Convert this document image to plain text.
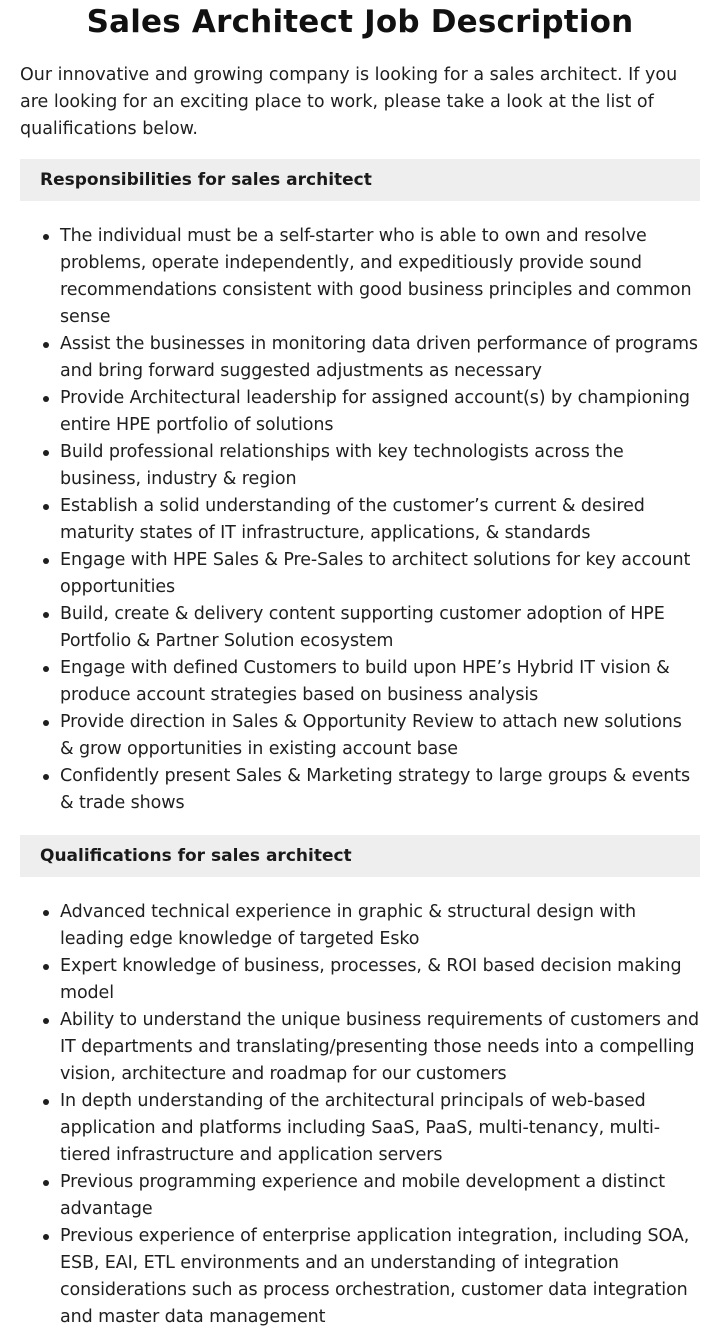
Sales Architect Job Description

Our innovative and growing company is looking for a sales architect. If you are looking for an exciting place to work, please take a look at the list of qualifications below.

Responsibilities for sales architect
The individual must be a self-starter who is able to own and resolve problems, operate independently, and expeditiously provide sound recommendations consistent with good business principles and common sense
Assist the businesses in monitoring data driven performance of programs and bring forward suggested adjustments as necessary
Provide Architectural leadership for assigned account(s) by championing entire HPE portfolio of solutions
Build professional relationships with key technologists across the business, industry & region
Establish a solid understanding of the customer’s current & desired maturity states of IT infrastructure, applications, & standards
Engage with HPE Sales & Pre-Sales to architect solutions for key account opportunities
Build, create & delivery content supporting customer adoption of HPE Portfolio & Partner Solution ecosystem
Engage with defined Customers to build upon HPE’s Hybrid IT vision & produce account strategies based on business analysis
Provide direction in Sales & Opportunity Review to attach new solutions & grow opportunities in existing account base
Confidently present Sales & Marketing strategy to large groups & events & trade shows
Qualifications for sales architect
Advanced technical experience in graphic & structural design with leading edge knowledge of targeted Esko
Expert knowledge of business, processes, & ROI based decision making model
Ability to understand the unique business requirements of customers and IT departments and translating/presenting those needs into a compelling vision, architecture and roadmap for our customers
In depth understanding of the architectural principals of web-based application and platforms including SaaS, PaaS, multi-tenancy, multi-tiered infrastructure and application servers
Previous programming experience and mobile development a distinct advantage
Previous experience of enterprise application integration, including SOA, ESB, EAI, ETL environments and an understanding of integration considerations such as process orchestration, customer data integration and master data management
